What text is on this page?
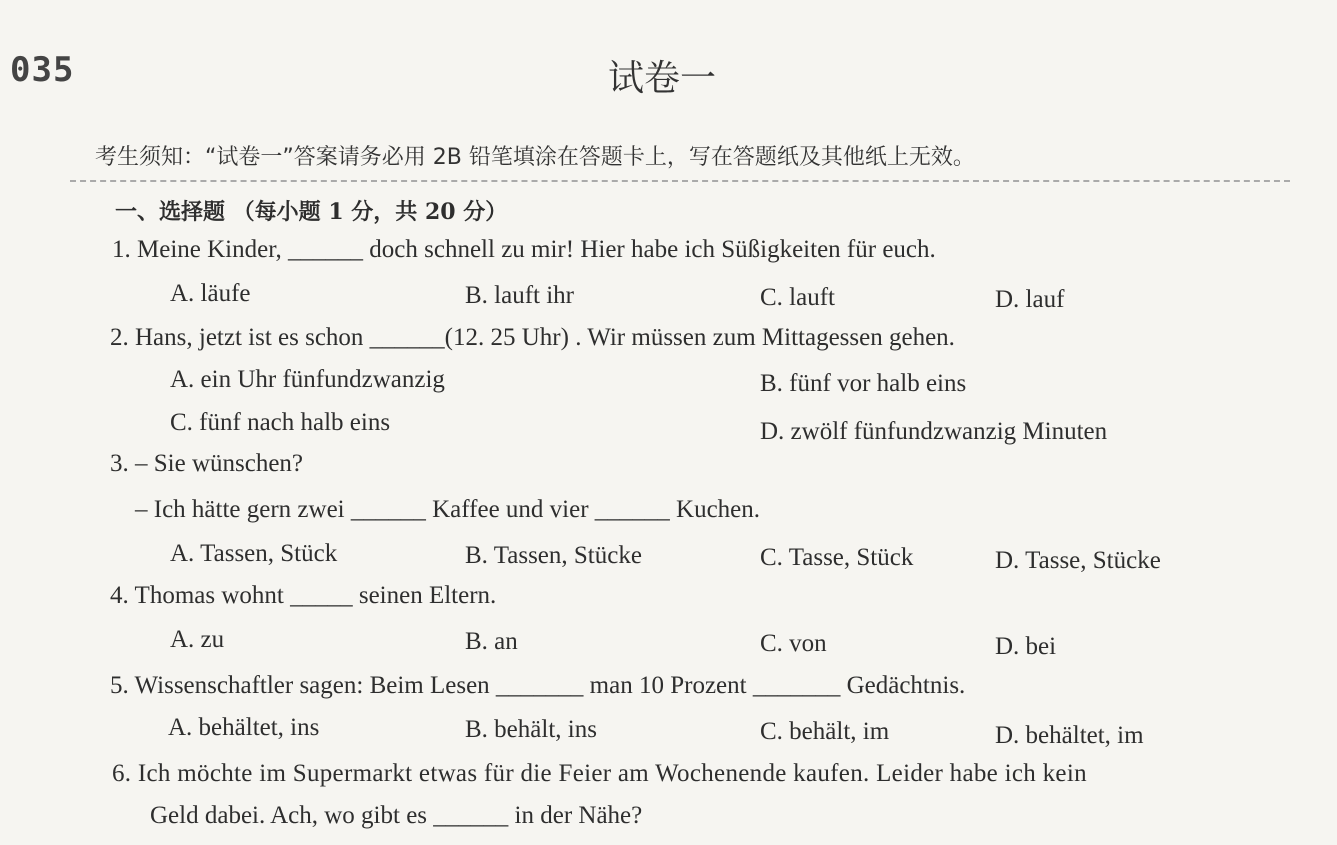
035	试卷一
考生须知：“试卷一”答案请务必用 2B 铅笔填涂在答题卡上，写在答题纸及其他纸上无效。
一、选择题 （每小题 1 分，共 20 分）
1. Meine Kinder, ______ doch schnell zu mir! Hier habe ich Süßigkeiten für euch.
A. läufe	B. lauft ihr	C. lauft	D. lauf
2. Hans, jetzt ist es schon ______(12. 25 Uhr) . Wir müssen zum Mittagessen gehen.
A. ein Uhr fünfundzwanzig	B. fünf vor halb eins
C. fünf nach halb eins	D. zwölf fünfundzwanzig Minuten
3. – Sie wünschen?
– Ich hätte gern zwei ______ Kaffee und vier ______ Kuchen.
A. Tassen, Stück	B. Tassen, Stücke	C. Tasse, Stück	D. Tasse, Stücke
4. Thomas wohnt _____ seinen Eltern.
A. zu	B. an	C. von	D. bei
5. Wissenschaftler sagen: Beim Lesen _______ man 10 Prozent _______ Gedächtnis.
A. behältet, ins	B. behält, ins	C. behält, im	D. behältet, im
6. Ich möchte im Supermarkt etwas für die Feier am Wochenende kaufen. Leider habe ich kein
Geld dabei. Ach, wo gibt es ______ in der Nähe?
